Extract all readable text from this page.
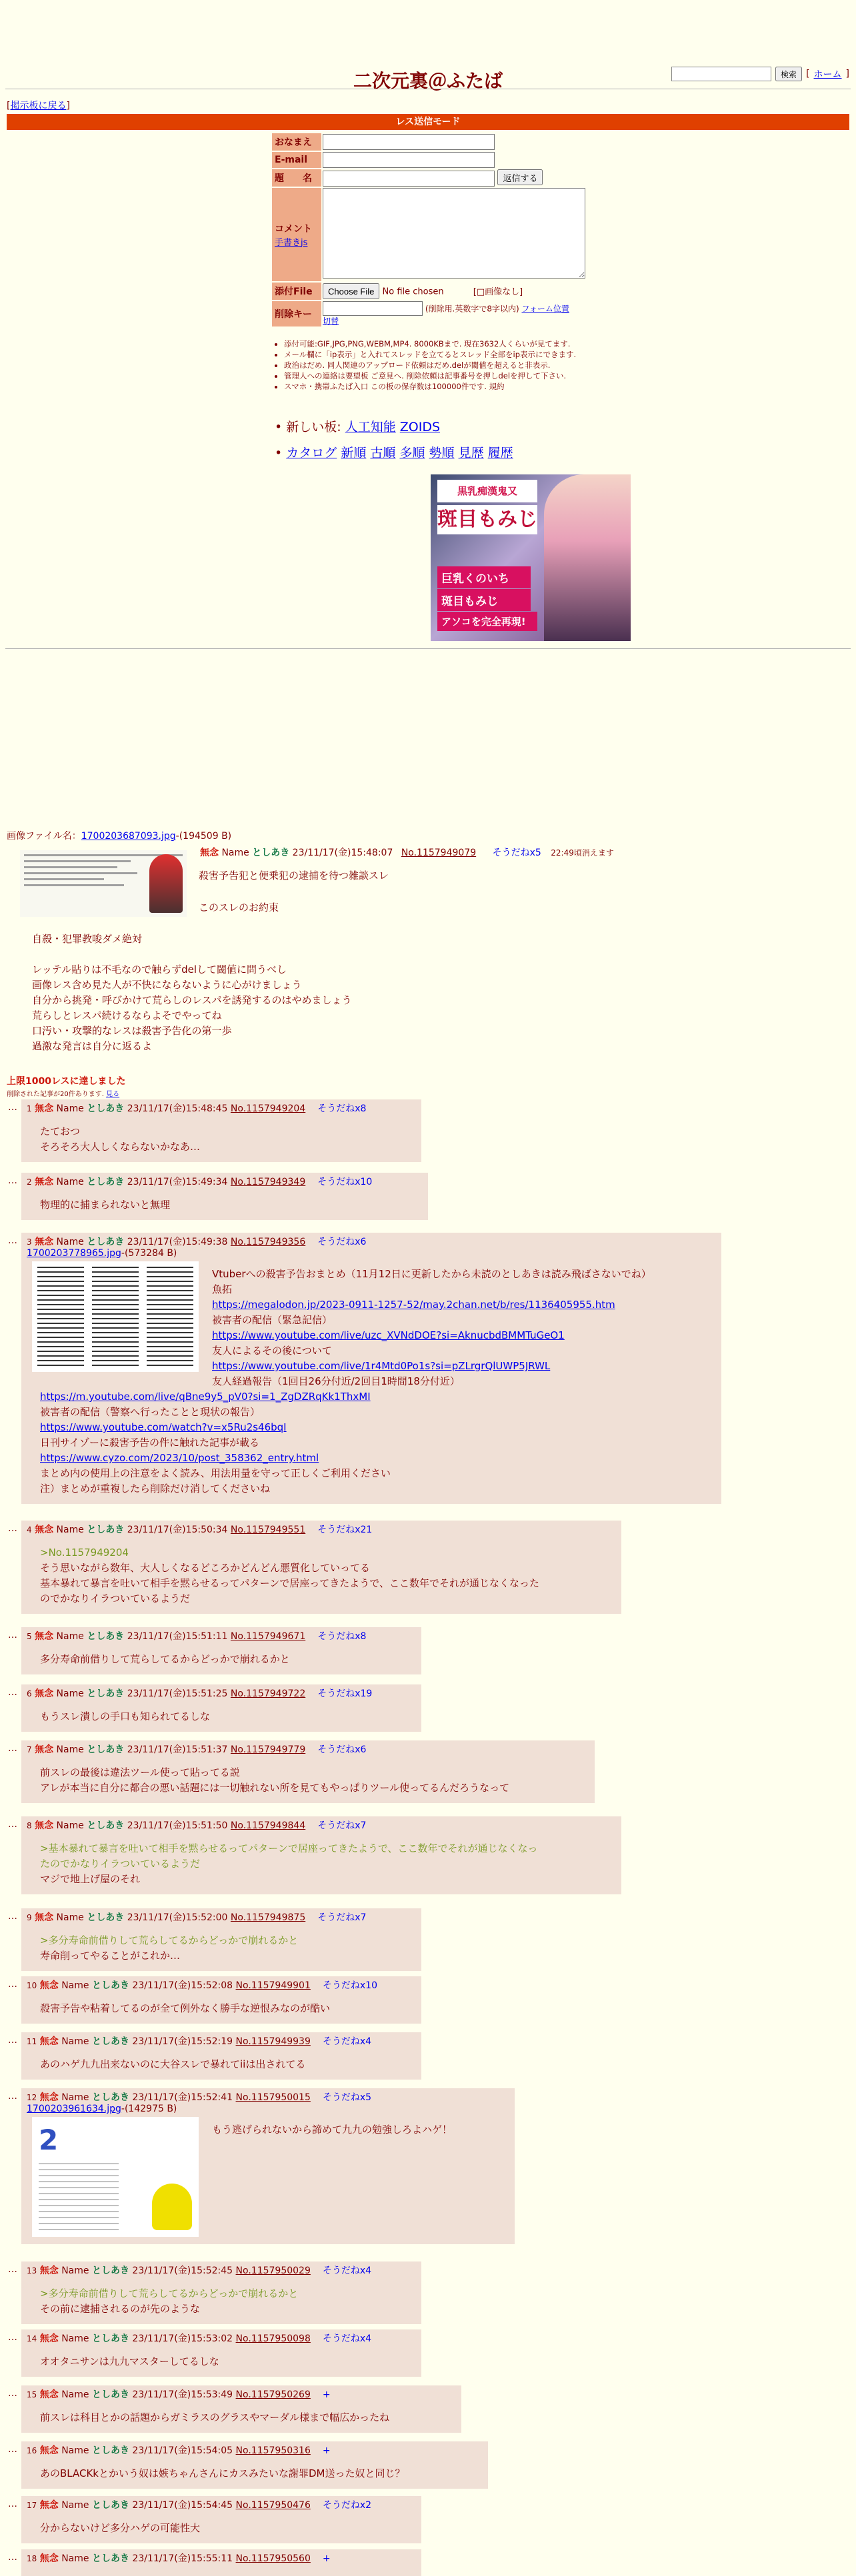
二次元裏＠ふたば	検索	[ ホーム ]
[掲示板に戻る]
レス送信モード
おなまえ	
E-mail	
題　　名	返信する

コメント
手書きjs	
添付File	Choose File No file chosen [□画像なし]
削除キー	(削除用.英数字で8字以内) フォーム位置
切替
• 添付可能:GIF,JPG,PNG,WEBM,MP4. 8000KBまで. 現在3632人くらいが見てます.
• メール欄に「ip表示」と入れてスレッドを立てるとスレッド全部をip表示にできます.
• 政治はだめ. 同人関連のアップロード依頼はだめ.delが閾値を超えると非表示.
• 管理人への連絡は要望板 ご意見へ. 削除依頼は記事番号を押しdelを押して下さい.
• スマホ・携帯ふたば入口 この板の保存数は100000件です. 規約
• 新しい板: 人工知能 ZOIDS
• カタログ 新順 古順 多順 勢順 見歴 履歴
黒乳痴漢鬼又
斑目もみじ
巨乳くのいち
斑目もみじ
アソコを完全再現!
画像ファイル名：1700203687093.jpg-(194509 B)
無念 Name としあき 23/11/17(金)15:48:07 No.1157949079 そうだねx5 22:49頃消えます
殺害予告犯と便乗犯の逮捕を待つ雑談スレ

このスレのお約束
自殺・犯罪教唆ダメ絶対

レッテル貼りは不毛なので触らずdelして閾値に問うべし
画像レス含め見た人が不快にならないように心がけましょう
自分から挑発・呼びかけて荒らしのレスパを誘発するのはやめましょう
荒らしとレスパ続けるならよそでやってね
口汚い・攻撃的なレスは殺害予告化の第一歩
過激な発言は自分に返るよ
上限1000レスに達しました
削除された記事が20件あります. 見る
… 1 無念 Name としあき 23/11/17(金)15:48:45 No.1157949204 そうだねx8
たておつ
そろそろ大人しくならないかなあ…
… 2 無念 Name としあき 23/11/17(金)15:49:34 No.1157949349 そうだねx10
物理的に捕まられないと無理
… 3 無念 Name としあき 23/11/17(金)15:49:38 No.1157949356 そうだねx6
1700203778965.jpg-(573284 B)
Vtuberへの殺害予告おまとめ（11月12日に更新したから未読のとしあきは読み飛ばさないでね）
魚拓
https://megalodon.jp/2023-0911-1257-52/may.2chan.net/b/res/1136405955.htm
被害者の配信（緊急記信）
https://www.youtube.com/live/uzc_XVNdDOE?si=AknucbdBMMTuGeO1
友人によるその後について
https://www.youtube.com/live/1r4Mtd0Po1s?si=pZLrgrQlUWP5JRWL
友人経過報告（1回目26分付近/2回目1時間18分付近）
https://m.youtube.com/live/qBne9y5_pV0?si=1_ZgDZRqKk1ThxMI
被害者の配信（警察へ行ったことと現状の報告）
https://www.youtube.com/watch?v=x5Ru2s46bqI
日刊サイゾーに殺害予告の件に触れた記事が載る
https://www.cyzo.com/2023/10/post_358362_entry.html
まとめ内の使用上の注意をよく読み、用法用量を守って正しくご利用ください
注）まとめが重複したら削除だけ消してくださいね
… 4 無念 Name としあき 23/11/17(金)15:50:34 No.1157949551 そうだねx21
>No.1157949204
そう思いながら数年、大人しくなるどころかどんどん悪質化していってる
基本暴れて暴言を吐いて相手を黙らせるってパターンで居座ってきたようで、ここ数年でそれが通じなくなった
のでかなりイラついているようだ
… 5 無念 Name としあき 23/11/17(金)15:51:11 No.1157949671 そうだねx8
多分寿命前借りして荒らしてるからどっかで崩れるかと
… 6 無念 Name としあき 23/11/17(金)15:51:25 No.1157949722 そうだねx19
もうスレ潰しの手口も知られてるしな
… 7 無念 Name としあき 23/11/17(金)15:51:37 No.1157949779 そうだねx6
前スレの最後は違法ツール使って貼ってる説
アレが本当に自分に都合の悪い話題には一切触れない所を見てもやっぱりツール使ってるんだろうなって
… 8 無念 Name としあき 23/11/17(金)15:51:50 No.1157949844 そうだねx7
>基本暴れて暴言を吐いて相手を黙らせるってパターンで居座ってきたようで、ここ数年でそれが通じなくなっ
たのでかなりイラついているようだ
マジで地上げ屋のそれ
… 9 無念 Name としあき 23/11/17(金)15:52:00 No.1157949875 そうだねx7
>多分寿命前借りして荒らしてるからどっかで崩れるかと
寿命削ってやることがこれか…
… 10 無念 Name としあき 23/11/17(金)15:52:08 No.1157949901 そうだねx10
殺害予告や粘着してるのが全て例外なく勝手な逆恨みなのが酷い
… 11 無念 Name としあき 23/11/17(金)15:52:19 No.1157949939 そうだねx4
あのハゲ九九出来ないのに大谷スレで暴れてiiは出されてる
… 12 無念 Name としあき 23/11/17(金)15:52:41 No.1157950015 そうだねx5
1700203961634.jpg-(142975 B)
2	もう逃げられないから諦めて九九の勉強しろよハゲ！
… 13 無念 Name としあき 23/11/17(金)15:52:45 No.1157950029 そうだねx4
>多分寿命前借りして荒らしてるからどっかで崩れるかと
その前に逮捕されるのが先のような
… 14 無念 Name としあき 23/11/17(金)15:53:02 No.1157950098 そうだねx4
オオタニサンは九九マスターしてるしな
… 15 無念 Name としあき 23/11/17(金)15:53:49 No.1157950269 +
前スレは科目とかの話題からガミラスのグラスやマーダル様まで幅広かったね
… 16 無念 Name としあき 23/11/17(金)15:54:05 No.1157950316 +
あのBLACKkとかいう奴は嫉ちゃんさんにカスみたいな謝罪DM送った奴と同じ？
… 17 無念 Name としあき 23/11/17(金)15:54:45 No.1157950476 そうだねx2
分からないけど多分ハゲの可能性大
… 18 無念 Name としあき 23/11/17(金)15:55:11 No.1157950560 +
